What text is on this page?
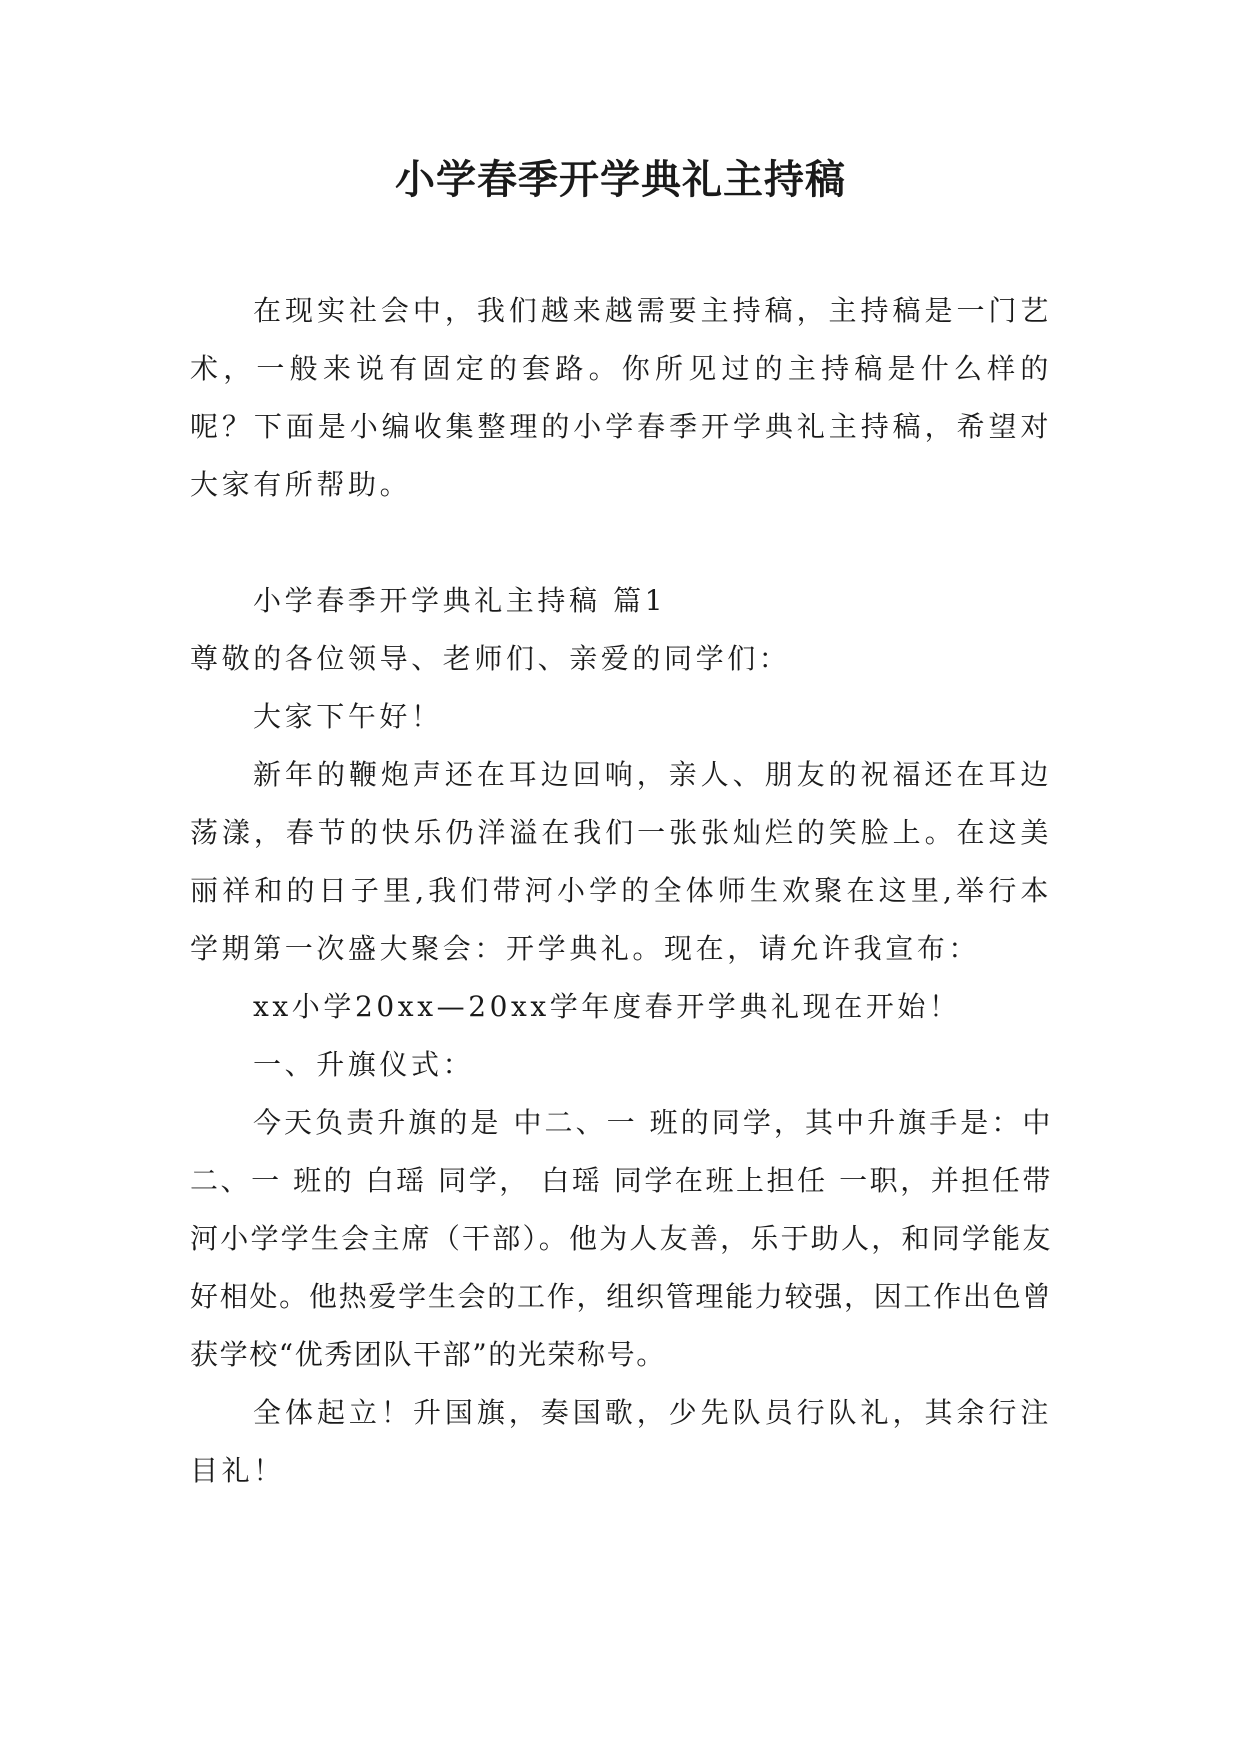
小学春季开学典礼主持稿

在现实社会中，我们越来越需要主持稿，主持稿是一门艺术，一般来说有固定的套路。你所见过的主持稿是什么样的呢？下面是小编收集整理的小学春季开学典礼主持稿，希望对大家有所帮助。

小学春季开学典礼主持稿 篇1

尊敬的各位领导、老师们、亲爱的同学们：

大家下午好！

新年的鞭炮声还在耳边回响，亲人、朋友的祝福还在耳边荡漾，春节的快乐仍洋溢在我们一张张灿烂的笑脸上。在这美丽祥和的日子里,我们带河小学的全体师生欢聚在这里,举行本学期第一次盛大聚会：开学典礼。现在，请允许我宣布：

xx小学20xx—20xx学年度春开学典礼现在开始！

一、升旗仪式：

今天负责升旗的是 中二、一 班的同学，其中升旗手是：中二、一 班的 白瑶 同学， 白瑶 同学在班上担任 一职，并担任带河小学学生会主席（干部）。他为人友善，乐于助人，和同学能友好相处。他热爱学生会的工作，组织管理能力较强，因工作出色曾获学校“优秀团队干部”的光荣称号。

全体起立！升国旗，奏国歌，少先队员行队礼，其余行注目礼！
